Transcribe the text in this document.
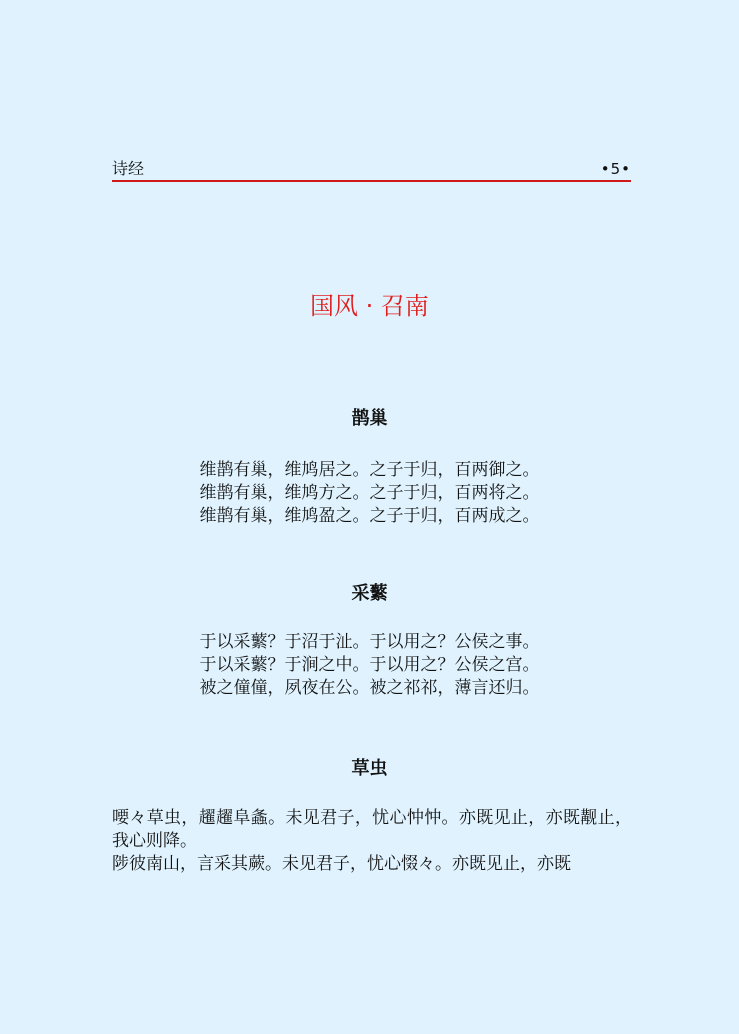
诗经	•5•
国风 · 召南
鹊巢
维鹊有巢，维鸠居之。之子于归，百两御之。
维鹊有巢，维鸠方之。之子于归，百两将之。
维鹊有巢，维鸠盈之。之子于归，百两成之。
采蘩
于以采蘩？于沼于沚。于以用之？公侯之事。
于以采蘩？于涧之中。于以用之？公侯之宫。
被之僮僮，夙夜在公。被之祁祁，薄言还归。
草虫
喓々草虫，趯趯阜螽。未见君子，忧心忡忡。亦既见止，亦既觏止，我心则降。
陟彼南山，言采其蕨。未见君子，忧心惙々。亦既见止，亦既
